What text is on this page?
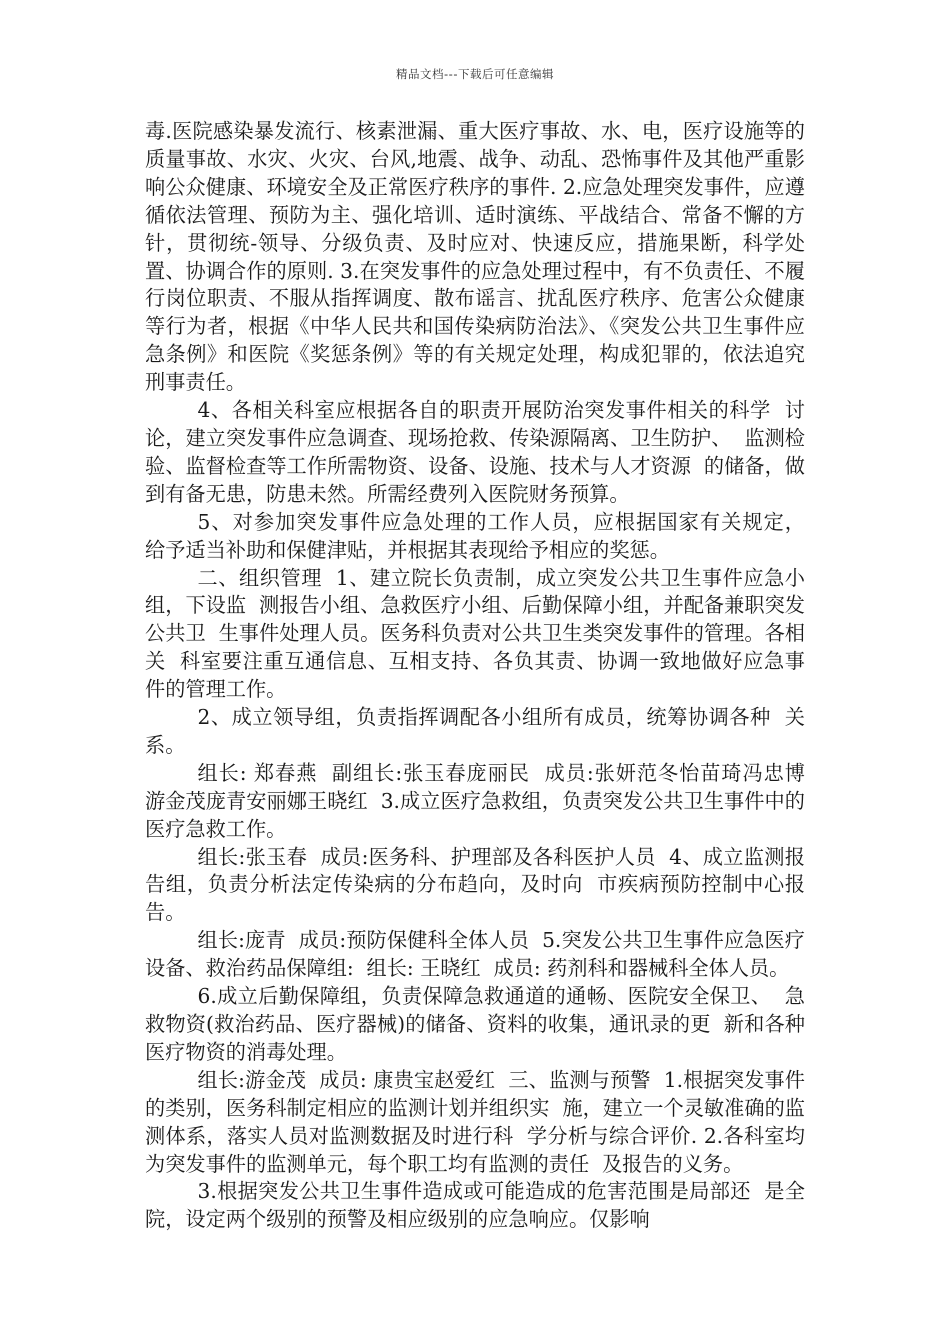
精品文档---下载后可任意编辑

毒.医院感染暴发流行、核素泄漏、重大医疗事故、水、电，医疗设施等的质量事故、水灾、火灾、台风,地震、战争、动乱、恐怖事件及其他严重影响公众健康、环境安全及正常医疗秩序的事件. 2.应急处理突发事件，应遵循依法管理、预防为主、强化培训、适时演练、平战结合、常备不懈的方针，贯彻统-领导、分级负责、及时应对、快速反应，措施果断，科学处置、协调合作的原则. 3.在突发事件的应急处理过程中，有不负责任、不履行岗位职责、不服从指挥调度、散布谣言、扰乱医疗秩序、危害公众健康等行为者，根据《中华人民共和国传染病防治法》、《突发公共卫生事件应急条例》和医院《奖惩条例》等的有关规定处理，构成犯罪的，依法追究刑事责任。

4、各相关科室应根据各自的职责开展防治突发事件相关的科学  讨论，建立突发事件应急调查、现场抢救、传染源隔离、卫生防护、  监测检验、监督检查等工作所需物资、设备、设施、技术与人才资源  的储备，做到有备无患，防患未然。所需经费列入医院财务预算。

5、对参加突发事件应急处理的工作人员，应根据国家有关规定，  给予适当补助和保健津贴，并根据其表现给予相应的奖惩。

二、组织管理  1、建立院长负责制，成立突发公共卫生事件应急小组，下设监  测报告小组、急救医疗小组、后勤保障小组，并配备兼职突发公共卫  生事件处理人员。医务科负责对公共卫生类突发事件的管理。各相关  科室要注重互通信息、互相支持、各负其责、协调一致地做好应急事  件的管理工作。

2、成立领导组，负责指挥调配各小组所有成员，统筹协调各种  关系。

组长: 郑春燕  副组长:张玉春庞丽民  成员:张妍范冬怡苗琦冯忠博  游金茂庞青安丽娜王晓红  3.成立医疗急救组，负责突发公共卫生事件中的医疗急救工作。

组长:张玉春  成员:医务科、护理部及各科医护人员  4、成立监测报告组，负责分析法定传染病的分布趋向，及时向  市疾病预防控制中心报告。

组长:庞青  成员:预防保健科全体人员  5.突发公共卫生事件应急医疗设备、救治药品保障组:  组长: 王晓红  成员: 药剂科和器械科全体人员。

6.成立后勤保障组，负责保障急救通道的通畅、医院安全保卫、  急救物资(救治药品、医疗器械)的储备、资料的收集，通讯录的更  新和各种医疗物资的消毒处理。

组长:游金茂  成员: 康贵宝赵爱红  三、监测与预警  1.根据突发事件的类别，医务科制定相应的监测计划并组织实  施，建立一个灵敏准确的监测体系，落实人员对监测数据及时进行科  学分析与综合评价. 2.各科室均为突发事件的监测单元，每个职工均有监测的责任  及报告的义务。

3.根据突发公共卫生事件造成或可能造成的危害范围是局部还  是全院，设定两个级别的预警及相应级别的应急响应。仅影响
